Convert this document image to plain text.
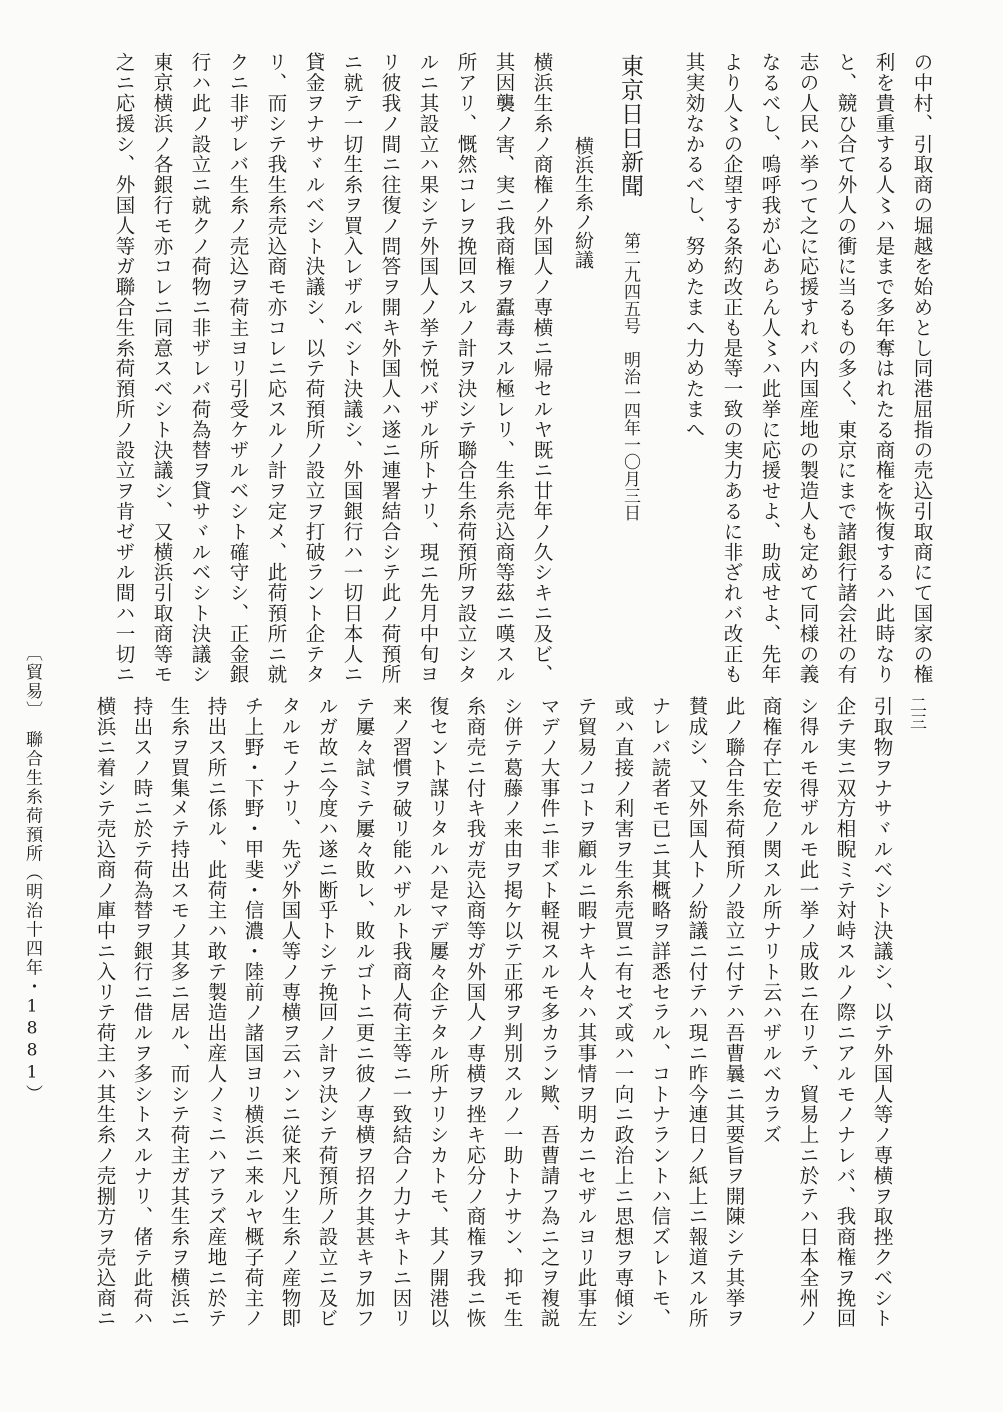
の中村、引取商の堀越を始めとし同港屈指の売込引取商にて国家の権
利を貴重する人〻ハ是まで多年奪はれたる商権を恢復するハ此時なり
と、競ひ合て外人の衝に当るもの多く、東京にまで諸銀行諸会社の有
志の人民ハ挙つて之に応援すれバ内国産地の製造人も定めて同様の義
なるべし、嗚呼我が心あらん人〻ハ此挙に応援せよ、助成せよ、先年
より人〻の企望する条約改正も是等一致の実力あるに非ざれバ改正も
其実効なかるべし、努めたまへ力めたまへ
東京日日新聞
第二九四五号　明治一四年一〇月三日
横浜生糸ノ紛議
横浜生糸ノ商権ノ外国人ノ専横ニ帰セルヤ既ニ廿年ノ久シキニ及ビ、
其因襲ノ害、実ニ我商権ヲ蠹毒スル極レリ、生糸売込商等茲ニ嘆スル
所アリ、慨然コレヲ挽回スルノ計ヲ決シテ聯合生糸荷預所ヲ設立シタ
ルニ其設立ハ果シテ外国人ノ挙テ悦バザル所トナリ、現ニ先月中旬ヨ
リ彼我ノ間ニ往復ノ問答ヲ開キ外国人ハ遂ニ連署結合シテ此ノ荷預所
ニ就テ一切生糸ヲ買入レザルベシト決議シ、外国銀行ハ一切日本人ニ
貸金ヲナサヾルベシト決議シ、以テ荷預所ノ設立ヲ打破ラント企テタ
リ、而シテ我生糸売込商モ亦コレニ応スルノ計ヲ定メ、此荷預所ニ就
クニ非ザレバ生糸ノ売込ヲ荷主ヨリ引受ケザルベシト確守シ、正金銀
行ハ此ノ設立ニ就クノ荷物ニ非ザレバ荷為替ヲ貸サヾルベシト決議シ
東京横浜ノ各銀行モ亦コレニ同意スベシト決議シ、又横浜引取商等モ
之ニ応援シ、外国人等ガ聯合生糸荷預所ノ設立ヲ肯ゼザル間ハ一切ニ
〔貿易〕　聯合生糸荷預所（明治十四年・1881）	二三
引取物ヲナサヾルベシト決議シ、以テ外国人等ノ専横ヲ取挫クベシト
企テ実ニ双方相睨ミテ対峙スルノ際ニアルモノナレバ、我商権ヲ挽回
シ得ルモ得ザルモ此一挙ノ成敗ニ在リテ、貿易上ニ於テハ日本全州ノ
商権存亡安危ノ関スル所ナリト云ハザルベカラズ
此ノ聯合生糸荷預所ノ設立ニ付テハ吾曹曩ニ其要旨ヲ開陳シテ其挙ヲ
賛成シ、又外国人トノ紛議ニ付テハ現ニ昨今連日ノ紙上ニ報道スル所
ナレバ読者モ已ニ其概略ヲ詳悉セラル、コトナラントハ信ズレトモ、
或ハ直接ノ利害ヲ生糸売買ニ有セズ或ハ一向ニ政治上ニ思想ヲ専傾シ
テ貿易ノコトヲ顧ルニ暇ナキ人々ハ其事情ヲ明カニセザルヨリ此事左
マデノ大事件ニ非ズト軽視スルモ多カラン歟、吾曹請フ為ニ之ヲ複説
シ併テ葛藤ノ来由ヲ掲ケ以テ正邪ヲ判別スルノ一助トナサン、抑モ生
糸商売ニ付キ我ガ売込商等ガ外国人ノ専横ヲ挫キ応分ノ商権ヲ我ニ恢
復セント謀リタルハ是マデ屢々企テタル所ナリシカトモ、其ノ開港以
来ノ習慣ヲ破リ能ハザルト我商人荷主等ニ一致結合ノ力ナキトニ因リ
テ屢々試ミテ屢々敗レ、敗ルゴトニ更ニ彼ノ専横ヲ招ク其甚キヲ加フ
ルガ故ニ今度ハ遂ニ断乎トシテ挽回ノ計ヲ決シテ荷預所ノ設立ニ及ビ
タルモノナリ、先ヅ外国人等ノ専横ヲ云ハンニ従来凡ソ生糸ノ産物即
チ上野・下野・甲斐・信濃・陸前ノ諸国ヨリ横浜ニ来ルヤ概子荷主ノ
持出ス所ニ係ル、此荷主ハ敢テ製造出産人ノミニハアラズ産地ニ於テ
生糸ヲ買集メテ持出スモノ其多ニ居ル、而シテ荷主ガ其生糸ヲ横浜ニ
持出スノ時ニ於テ荷為替ヲ銀行ニ借ルヲ多シトスルナリ、偖テ此荷ハ
横浜ニ着シテ売込商ノ庫中ニ入リテ荷主ハ其生糸ノ売捌方ヲ売込商ニ
